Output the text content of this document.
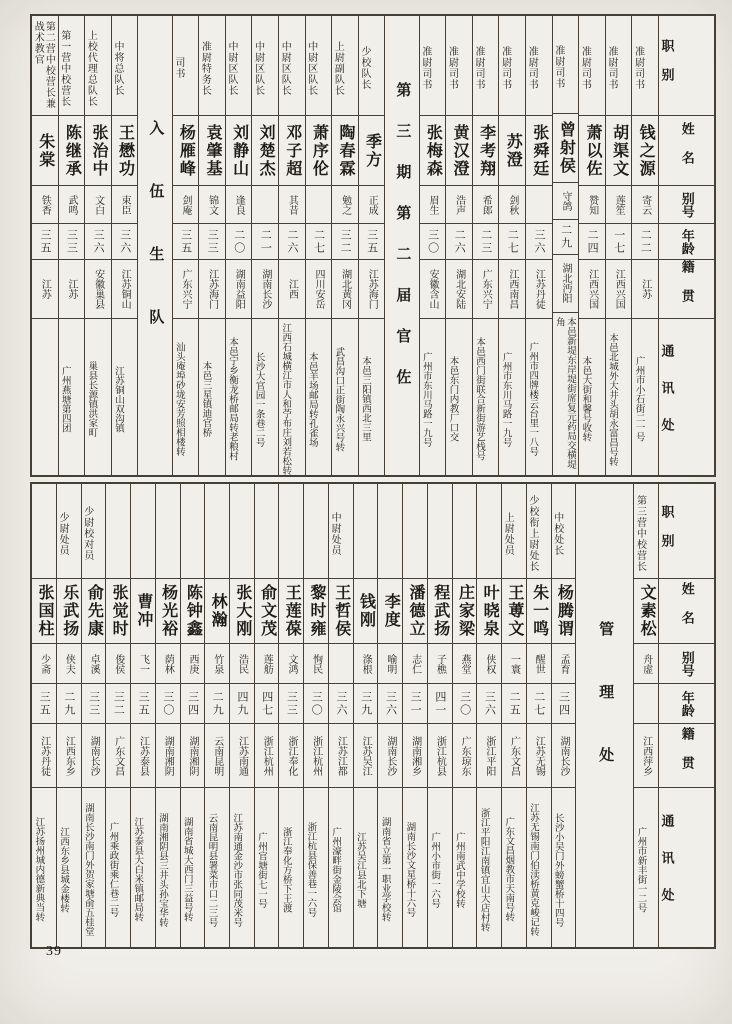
职别
姓名
别号
年龄
籍贯
通讯处
准尉司书
钱之源
寄云
二二
江苏
广州市小石街二一号
准尉司书
胡渠文
莲笙
一七
江西兴国
本邑北城外大井头胡永富昌号转
准尉司书
萧以佐
赞知
二四
江西兴国
本邑大街和馨号收转
准尉司书
曾射侯
守鸽
二九
湖北沔阳
本邑新堤东岸堤街席复元药局交横堤角
准尉司书
张舜廷
三六
江苏丹徒
广州市四牌楼云台里一八号
准尉司书
苏澄
剑秋
二七
江西南昌
广州市东川马路一九号
准尉司书
李考翔
希郎
二三
广东兴宁
本邑西门街联合新街游艺栈号
准尉司书
黄汉澄
浩声
二六
湖北安陆
本邑东门内教厂口交
准尉司书
张梅森
眉生
三〇
安徽含山
广州市东川马路一九号
第三期第二届官佐
少校队长
季方
正成
三五
江苏海门
本邑三阳镇西北三里
上尉副队长
陶春霖
勉之
三二
湖北黄冈
武昌沟口正街陶永兴号转
中尉区队长
萧序伦
二七
四川安岳
本邑羊场邮局转孔雀场
中尉区队长
邓子超
其昔
二六
江西
江西石城横江市人和苧布庄刘若松转
中尉区队长
刘楚杰
二一
湖南长沙
长沙大官园一条巷二号
中尉区队长
刘静山
逢良
二〇
湖南益阳
本邑宁乡衡龙桥邮局转老粮村
准尉特务长
袁肇基
锦文
三三
江苏海门
本邑三星镇迪官桥
司书
杨雁峰
剑庵
三五
广东兴宁
汕头庵埠砂垅安芳照相楼转
入伍生队
中将总队长
王懋功
束臣
三六
江苏铜山
江苏铜山双沟镇
上校代理总队长
张治中
文白
三六
安徽巢县
巢县长源镇洪家町
第一营中校营长
陈继承
武鸣
三三
江苏
广州燕塘第四团
第二营中校营长兼战术教官
朱棠
铁香
三五
江苏
职别
姓名
别号
年龄
籍贯
通讯处
第三营中校营长
文素松
舟虚
江西萍乡
广州市新丰街一二号
管理处
中校处长
杨腾谓
孟育
三四
湖南长沙
长沙小吴门外螃蟹桥十四号
少校衔上尉处长
朱一鸣
醒世
二七
江苏无锡
江苏无锡南门伯渎桥黄克峻记转
上尉处员
王蒪文
一寰
二五
广东文昌
广东文昌烟教市天南号转
叶晓泉
侠权
三六
浙江平阳
浙江平阳江南镇宜山大店村转
庄家梁
燕堂
三〇
广东琼东
广州南武中学校转
程武扬
子樵
四一
浙江杭县
广州小市街一六号
潘德立
志仁
三一
湖南湘乡
湖南长沙文星桥十六号
李度
喻明
三六
湖南长沙
湖南省立第一职业学校转
钱刚
涤根
三九
江苏吴江
江苏吴江县北下塘
中尉处员
王哲侯
三六
江苏江都
广州濠畔街金陵会馆
黎时雍
恂民
三〇
浙江杭州
浙江杭县保善巷一六号
王莲葆
文鸿
三三
浙江奉化
浙江奉化方桥下王渡
俞文茂
莲舫
四七
浙江杭州
广州官塘街七一号
张大刚
浩民
四九
江苏南通
江苏南通金沙市张同茂米号
林瀚
竹泉
二九
云南昆明
云南昆明县署菜市口二三号
陈钟鑫
西庚
三四
湖南湘阴
湖南省城大西门三益号转
杨光裕
荫林
三〇
湖南湘阴
湖南湘阴县三井头孙宝华转
曹冲
飞一
三五
江苏泰县
江苏泰县大白米镇邮局转
张觉时
俊侯
三二
广东文昌
广州乘政街乘仁巷二号
少尉校对员
俞先康
卓溪
三三
湖南长沙
湖南长沙南门外贺家塘俞五桂堂
少尉处员
乐武扬
侠夫
二九
江西东乡
江西东乡县城金楼转
张国柱
少斋
三五
江苏丹徒
江苏扬州城内德新典当转
39
